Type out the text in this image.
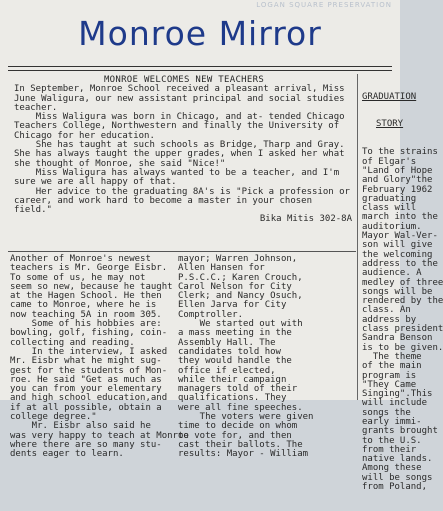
LOGAN SQUARE PRESERVATION
Monroe Mirror
MONROE WELCOMES NEW TEACHERS
In September, Monroe School received a pleasant arrival, Miss June Waligura, our new assistant principal and social studies teacher.
Miss Waligura was born in Chicago, and at- tended Chicago Teachers College, Northwestern and finally the University of Chicago for her education.
She has taught at such schools as Bridge, Tharp and Gray. She has always taught the upper grades, when I asked her what she thought of Monroe, she said "Nice!"
Miss Waligura has always wanted to be a teacher, and I'm sure we are all happy of that.
Her advice to the graduating 8A's is "Pick a profession or career, and work hard to become a master in your chosen field."
Bika Mitis 302-8A

GRADUATION

STORY

To the strains
of Elgar's
"Land of Hope
and Glory"the
February 1962
graduating
class will
march into the
auditorium.
Mayor Wal-Ver-
son will give
the welcoming
address to the
audience. A
medley of three
songs will be
rendered by the
class. An
address by
class president
Sandra Benson
is to be given.
The theme
of the main
program is
"They Came
Singing".This
will include
songs the
early immi-
grants brought
to the U.S.
from their
native lands.
Among these
will be songs
from Poland,

Another of Monroe's newest
teachers is Mr. George Eisbr.
To some of us, he may not
seem so new, because he taught
at the Hagen School. He then
came to Monroe, where he is
now teaching 5A in room 305.
Some of his hobbies are:
bowling, golf, fishing, coin-
collecting and reading.
In the interview, I asked
Mr. Eisbr what he might sug-
gest for the students of Mon-
roe. He said "Get as much as
you can from your elementary
and high school education,and
if at all possible, obtain a
college degree."
Mr. Eisbr also said he
was very happy to teach at Monroe
where there are so many stu-
dents eager to learn.
mayor; Warren Johnson,
Allen Hansen for
P.S.C.C.; Karen Crouch,
Carol Nelson for City
Clerk; and Nancy Osuch,
Ellen Jarva for City
Comptroller.
We started out with
a mass meeting in the
Assembly Hall. The
candidates told how
they would handle the
office if elected,
while their campaign
managers told of their
qualifications. They
were all fine speeches.
The voters were given
time to decide on whom
to vote for, and then
cast their ballots. The
results: Mayor - William
